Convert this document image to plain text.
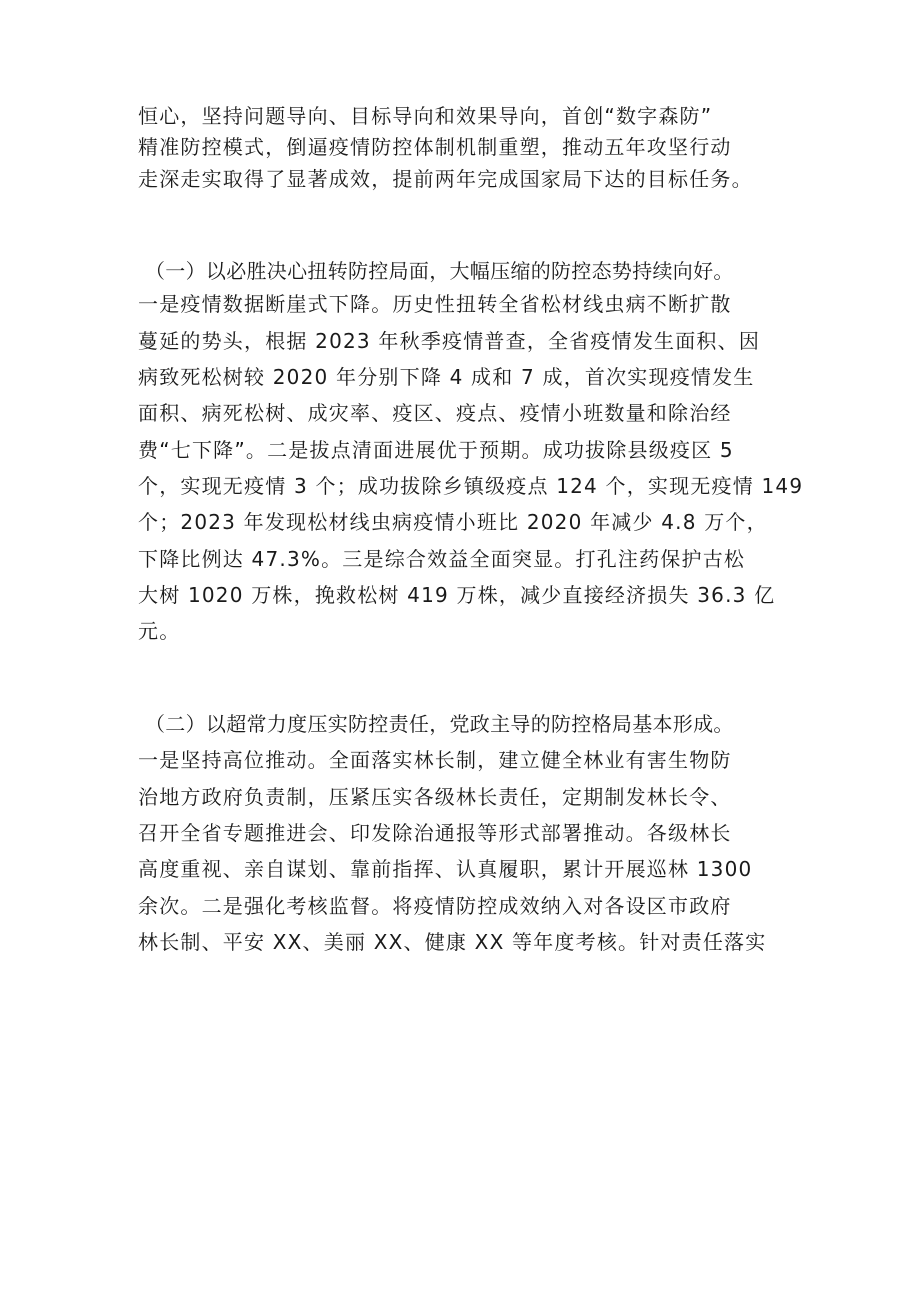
恒心，坚持问题导向、目标导向和效果导向，首创“数字森防”
精准防控模式，倒逼疫情防控体制机制重塑，推动五年攻坚行动
走深走实取得了显著成效，提前两年完成国家局下达的目标任务。
（一）以必胜决心扭转防控局面，大幅压缩的防控态势持续向好。
一是疫情数据断崖式下降。历史性扭转全省松材线虫病不断扩散
蔓延的势头，根据 2023 年秋季疫情普查，全省疫情发生面积、因
病致死松树较 2020 年分别下降 4 成和 7 成，首次实现疫情发生
面积、病死松树、成灾率、疫区、疫点、疫情小班数量和除治经
费“七下降”。二是拔点清面进展优于预期。成功拔除县级疫区 5
个，实现无疫情 3 个；成功拔除乡镇级疫点 124 个，实现无疫情 149
个；2023 年发现松材线虫病疫情小班比 2020 年减少 4.8 万个，
下降比例达 47.3%。三是综合效益全面突显。打孔注药保护古松
大树 1020 万株，挽救松树 419 万株，减少直接经济损失 36.3 亿
元。
（二）以超常力度压实防控责任，党政主导的防控格局基本形成。
一是坚持高位推动。全面落实林长制，建立健全林业有害生物防
治地方政府负责制，压紧压实各级林长责任，定期制发林长令、
召开全省专题推进会、印发除治通报等形式部署推动。各级林长
高度重视、亲自谋划、靠前指挥、认真履职，累计开展巡林 1300
余次。二是强化考核监督。将疫情防控成效纳入对各设区市政府
林长制、平安 XX、美丽 XX、健康 XX 等年度考核。针对责任落实
